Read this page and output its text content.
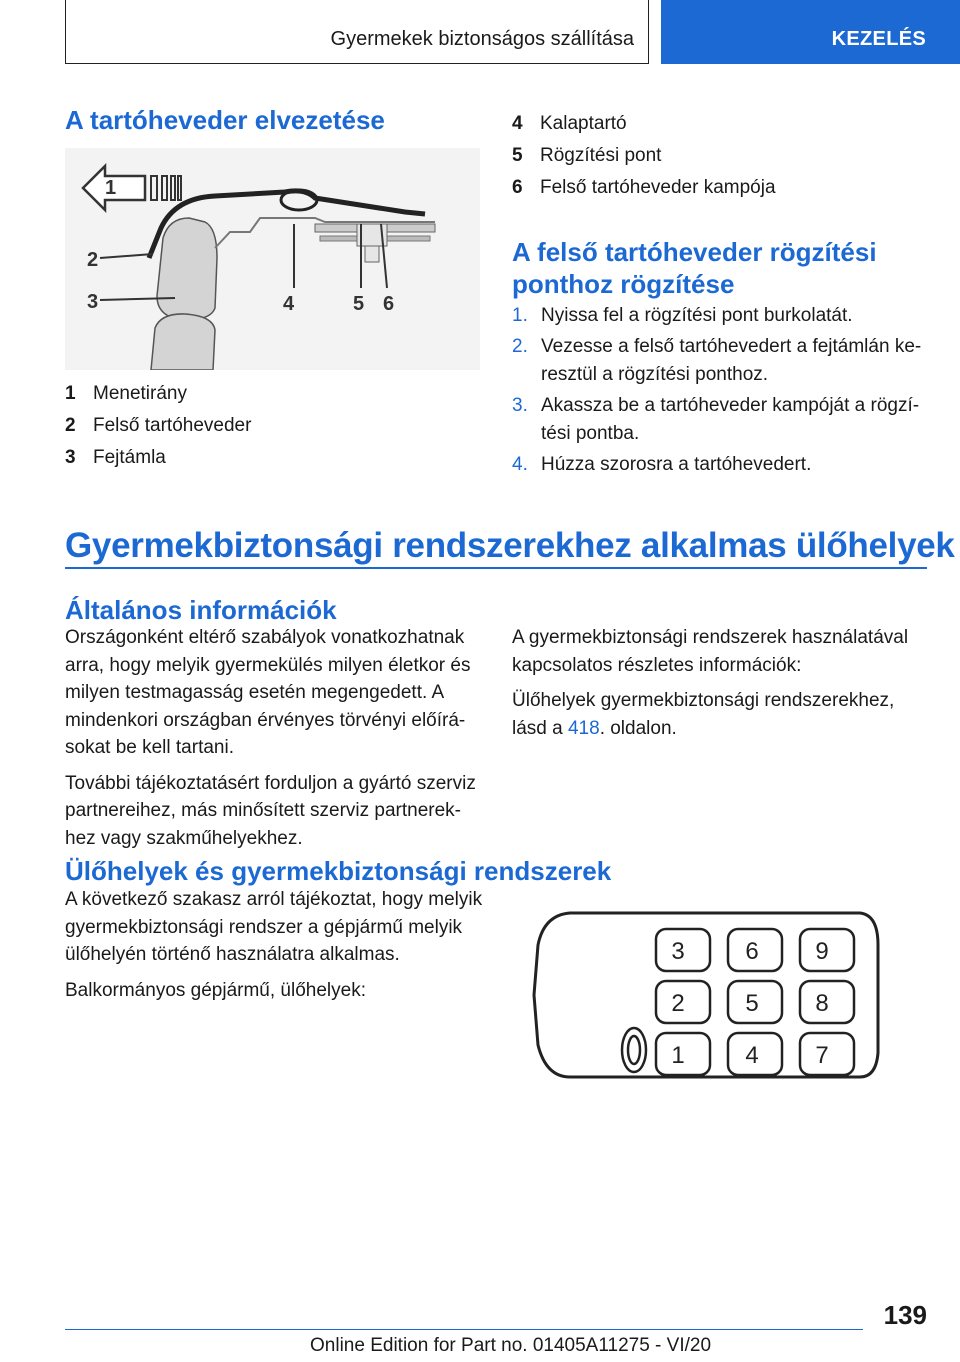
Gyermekek biztonságos szállítása	KEZELÉS
A tartóheveder elvezetése
1
2
3	4	5 6
1 Menetirány
2 Felső tartóheveder
3 Fejtámla
4 Kalaptartó
5 Rögzítési pont
6 Felső tartóheveder kampója
A felső tartóheveder rögzítési
ponthoz rögzítése
1. Nyissa fel a rögzítési pont burkolatát.
2. Vezesse a felső tartóhevedert a fejtámlán ke-resztül a rögzítési ponthoz.
3. Akassza be a tartóheveder kampóját a rögzí-tési pontba.
4. Húzza szorosra a tartóhevedert.
Gyermekbiztonsági rendszerekhez alkalmas ülőhelyek
Általános információk

Országonként eltérő szabályok vonatkozhatnak arra, hogy melyik gyermekülés milyen életkor és milyen testmagasság esetén megengedett. A mindenkori országban érvényes törvényi előírá-sokat be kell tartani.

További tájékoztatásért forduljon a gyártó szerviz partnereihez, más minősített szerviz partnerek-hez vagy szakműhelyekhez.

A gyermekbiztonsági rendszerek használatával kapcsolatos részletes információk:

Ülőhelyek gyermekbiztonsági rendszerekhez, lásd a 418. oldalon.

Ülőhelyek és gyermekbiztonsági rendszerek

A következő szakasz arról tájékoztat, hogy melyik gyermekbiztonsági rendszer a gépjármű melyik ülőhelyén történő használatra alkalmas.

Balkormányos gépjármű, ülőhelyek:

3	6 9
2	5 8
1	4 7
139
Online Edition for Part no. 01405A11275 - VI/20
